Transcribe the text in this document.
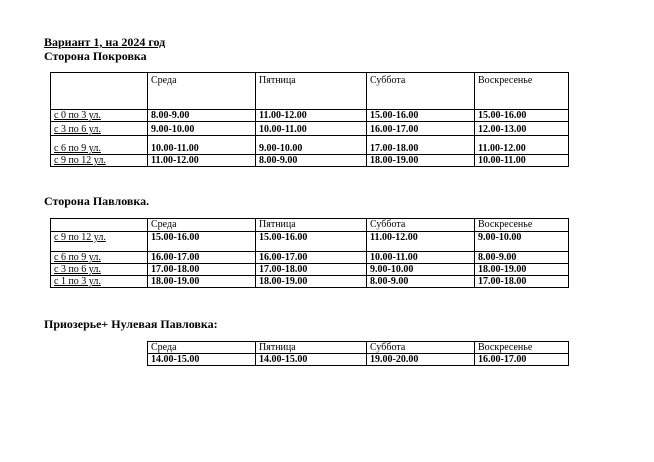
Вариант 1, на 2024 год
Сторона Покровка
	Среда	Пятница	Суббота	Воскресенье
с 0 по 3 ул.	8.00-9.00	11.00-12.00	15.00-16.00	15.00-16.00
с 3 по 6 ул.	9.00-10.00	10.00-11.00	16.00-17.00	12.00-13.00
с 6 по 9 ул.	10.00-11.00	9.00-10.00	17.00-18.00	11.00-12.00
с 9 по 12 ул.	11.00-12.00	8.00-9.00	18.00-19.00	10.00-11.00
Сторона Павловка.
	Среда	Пятница	Суббота	Воскресенье
с 9 по 12 ул.	15.00-16.00	15.00-16.00	11.00-12.00	9.00-10.00
с 6 по 9 ул.	16.00-17.00	16.00-17.00	10.00-11.00	8.00-9.00
с 3 по 6 ул.	17.00-18.00	17.00-18.00	9.00-10.00	18.00-19.00
с 1 по 3 ул.	18.00-19.00	18.00-19.00	8.00-9.00	17.00-18.00
Приозерье+ Нулевая Павловка:
Среда	Пятница	Суббота	Воскресенье
14.00-15.00	14.00-15.00	19.00-20.00	16.00-17.00
